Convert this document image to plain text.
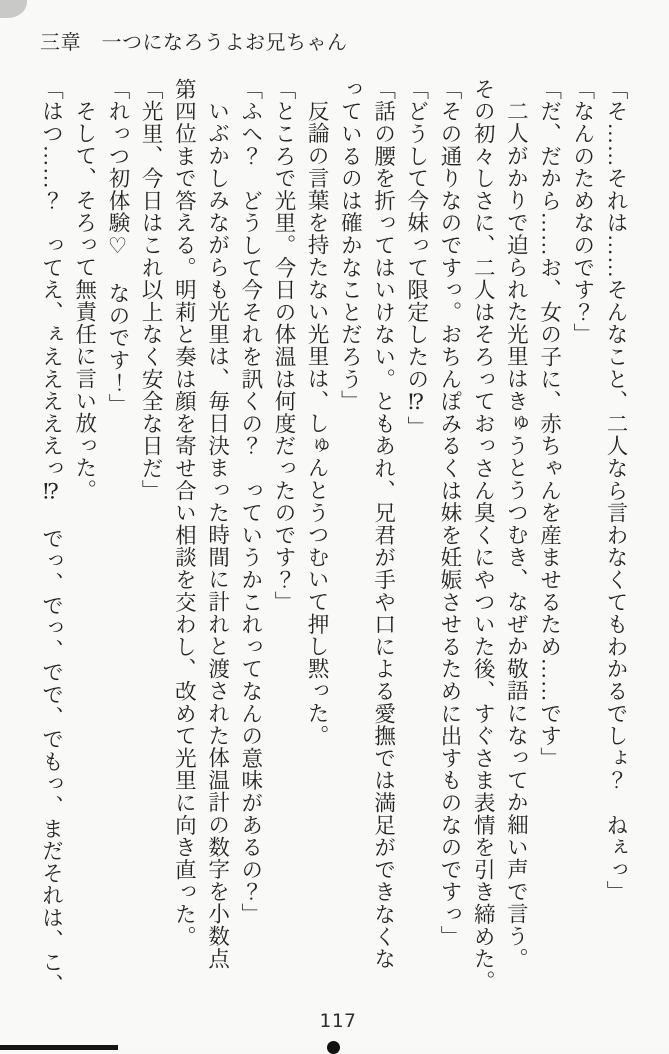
三章　一つになろうよお兄ちゃん

「そ……それは……そんなこと、二人なら言わなくてもわかるでしょ？　ねぇっ」

「なんのためなのです？」

「だ、だから……お、女の子に、赤ちゃんを産ませるため……です」

二人がかりで迫られた光里はきゅうとうつむき、なぜか敬語になってか細い声で言う。

その初々しさに、二人はそろっておっさん臭くにやついた後、すぐさま表情を引き締めた。

「その通りなのですっ。おちんぽみるくは妹を妊娠させるために出すものなのですっ」

「どうして今妹って限定したの⁉」

「話の腰を折ってはいけない。ともあれ、兄君が手や口による愛撫では満足ができなくな

っているのは確かなことだろう」

反論の言葉を持たない光里は、しゅんとうつむいて押し黙った。

「ところで光里。今日の体温は何度だったのです？」

「ふへ？　どうして今それを訊くの？　っていうかこれってなんの意味があるの？」

いぶかしみながらも光里は、毎日決まった時間に計れと渡された体温計の数字を小数点

第四位まで答える。明莉と奏は顔を寄せ合い相談を交わし、改めて光里に向き直った。

「光里、今日はこれ以上なく安全な日だ」

「れっつ初体験♡　なのです！」

そして、そろって無責任に言い放った。

「はつ……？　ってえ、ぇえええええっ⁉　でっ、でっ、でで、でもっ、まだそれは、こ、

117
